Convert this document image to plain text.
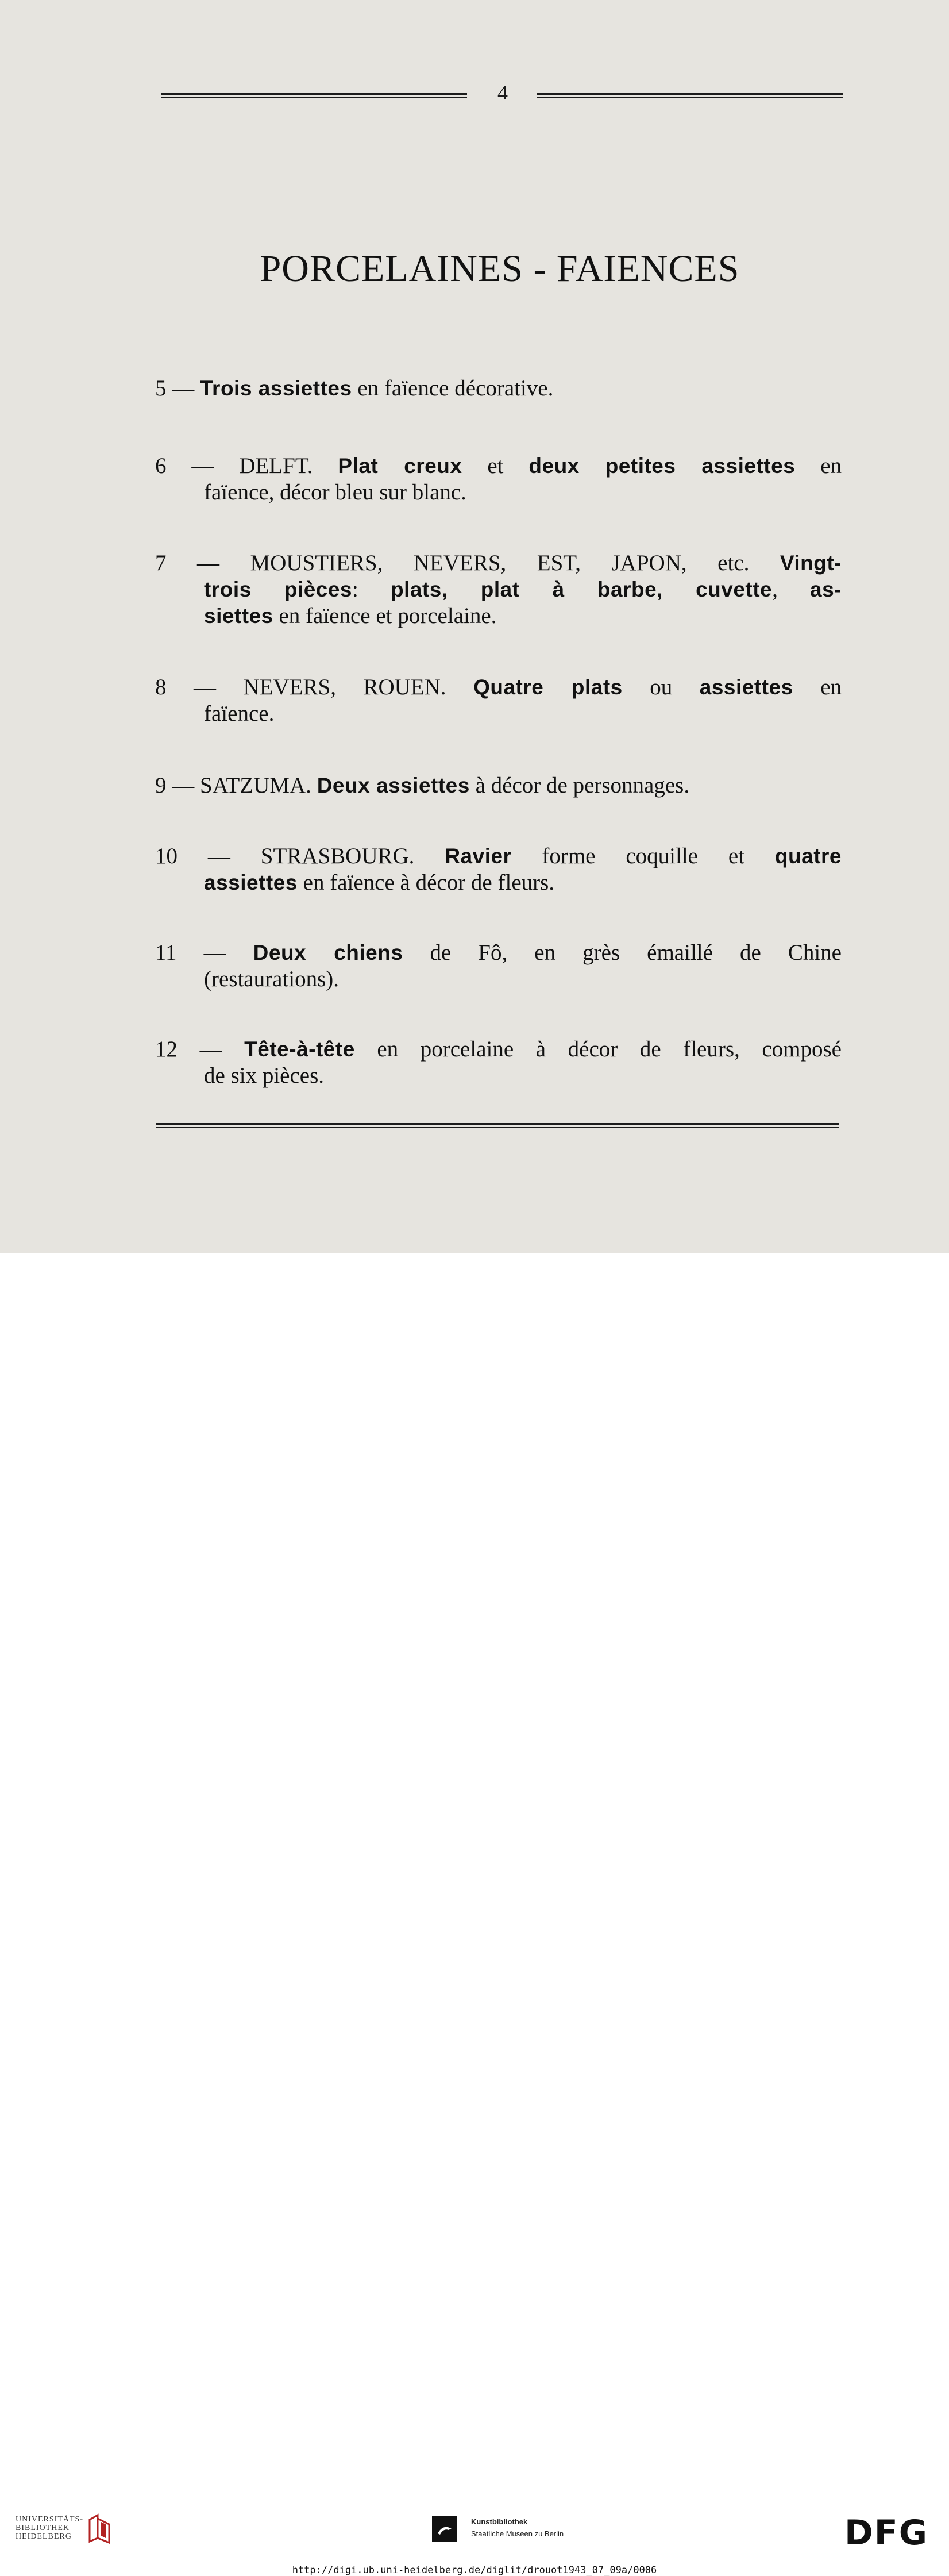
4
PORCELAINES - FAIENCES
5 — Trois assiettes en faïence décorative.
6 — DELFT. Plat creux et deux petites assiettes en
faïence, décor bleu sur blanc.
7 — MOUSTIERS, NEVERS, EST, JAPON, etc. Vingt-
trois pièces: plats, plat à barbe, cuvette, as-
siettes en faïence et porcelaine.
8 — NEVERS, ROUEN. Quatre plats ou assiettes en
faïence.
9 — SATZUMA. Deux assiettes à décor de personnages.
10 — STRASBOURG. Ravier forme coquille et quatre
assiettes en faïence à décor de fleurs.
11 — Deux chiens de Fô, en grès émaillé de Chine
(restaurations).
12 — Tête-à-tête en porcelaine à décor de fleurs, composé
de six pièces.
UNIVERSITÄTS-
BIBLIOTHEK
HEIDELBERG
Kunstbibliothek
Staatliche Museen zu Berlin	DFG
http://digi.ub.uni-heidelberg.de/diglit/drouot1943_07_09a/0006
